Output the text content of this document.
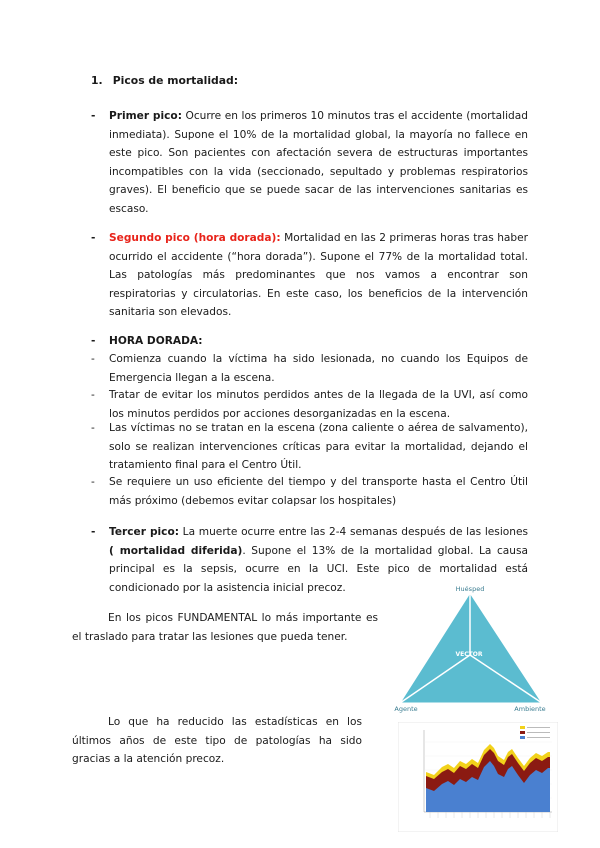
1. Picos de mortalidad:
- Primer pico: Ocurre en los primeros 10 minutos tras el accidente (mortalidad inmediata). Supone el 10% de la mortalidad global, la mayoría no fallece en este pico. Son pacientes con afectación severa de estructuras importantes incompatibles con la vida (seccionado, sepultado y problemas respiratorios graves). El beneficio que se puede sacar de las intervenciones sanitarias es escaso.
- Segundo pico (hora dorada): Mortalidad en las 2 primeras horas tras haber ocurrido el accidente (“hora dorada”). Supone el 77% de la mortalidad total. Las patologías más predominantes que nos vamos a encontrar son respiratorias y circulatorias. En este caso, los beneficios de la intervención sanitaria son elevados.
- HORA DORADA:
- Comienza cuando la víctima ha sido lesionada, no cuando los Equipos de Emergencia llegan a la escena.
- Tratar de evitar los minutos perdidos antes de la llegada de la UVI, así como los minutos perdidos por acciones desorganizadas en la escena.
- Las víctimas no se tratan en la escena (zona caliente o aérea de salvamento), solo se realizan intervenciones críticas para evitar la mortalidad, dejando el tratamiento final para el Centro Útil.
- Se requiere un uso eficiente del tiempo y del transporte hasta el Centro Útil más próximo (debemos evitar colapsar los hospitales)
- Tercer pico: La muerte ocurre entre las 2-4 semanas después de las lesiones ( mortalidad diferida). Supone el 13% de la mortalidad global. La causa principal es la sepsis, ocurre en la UCI. Este pico de mortalidad está condicionado por la asistencia inicial precoz.
En los picos FUNDAMENTAL lo más importante es el traslado para tratar las lesiones que pueda tener.
Lo que ha reducido las estadísticas en los últimos años de este tipo de patologías ha sido gracias a la atención precoz.
Huésped
VECTOR
Agente	Ambiente
